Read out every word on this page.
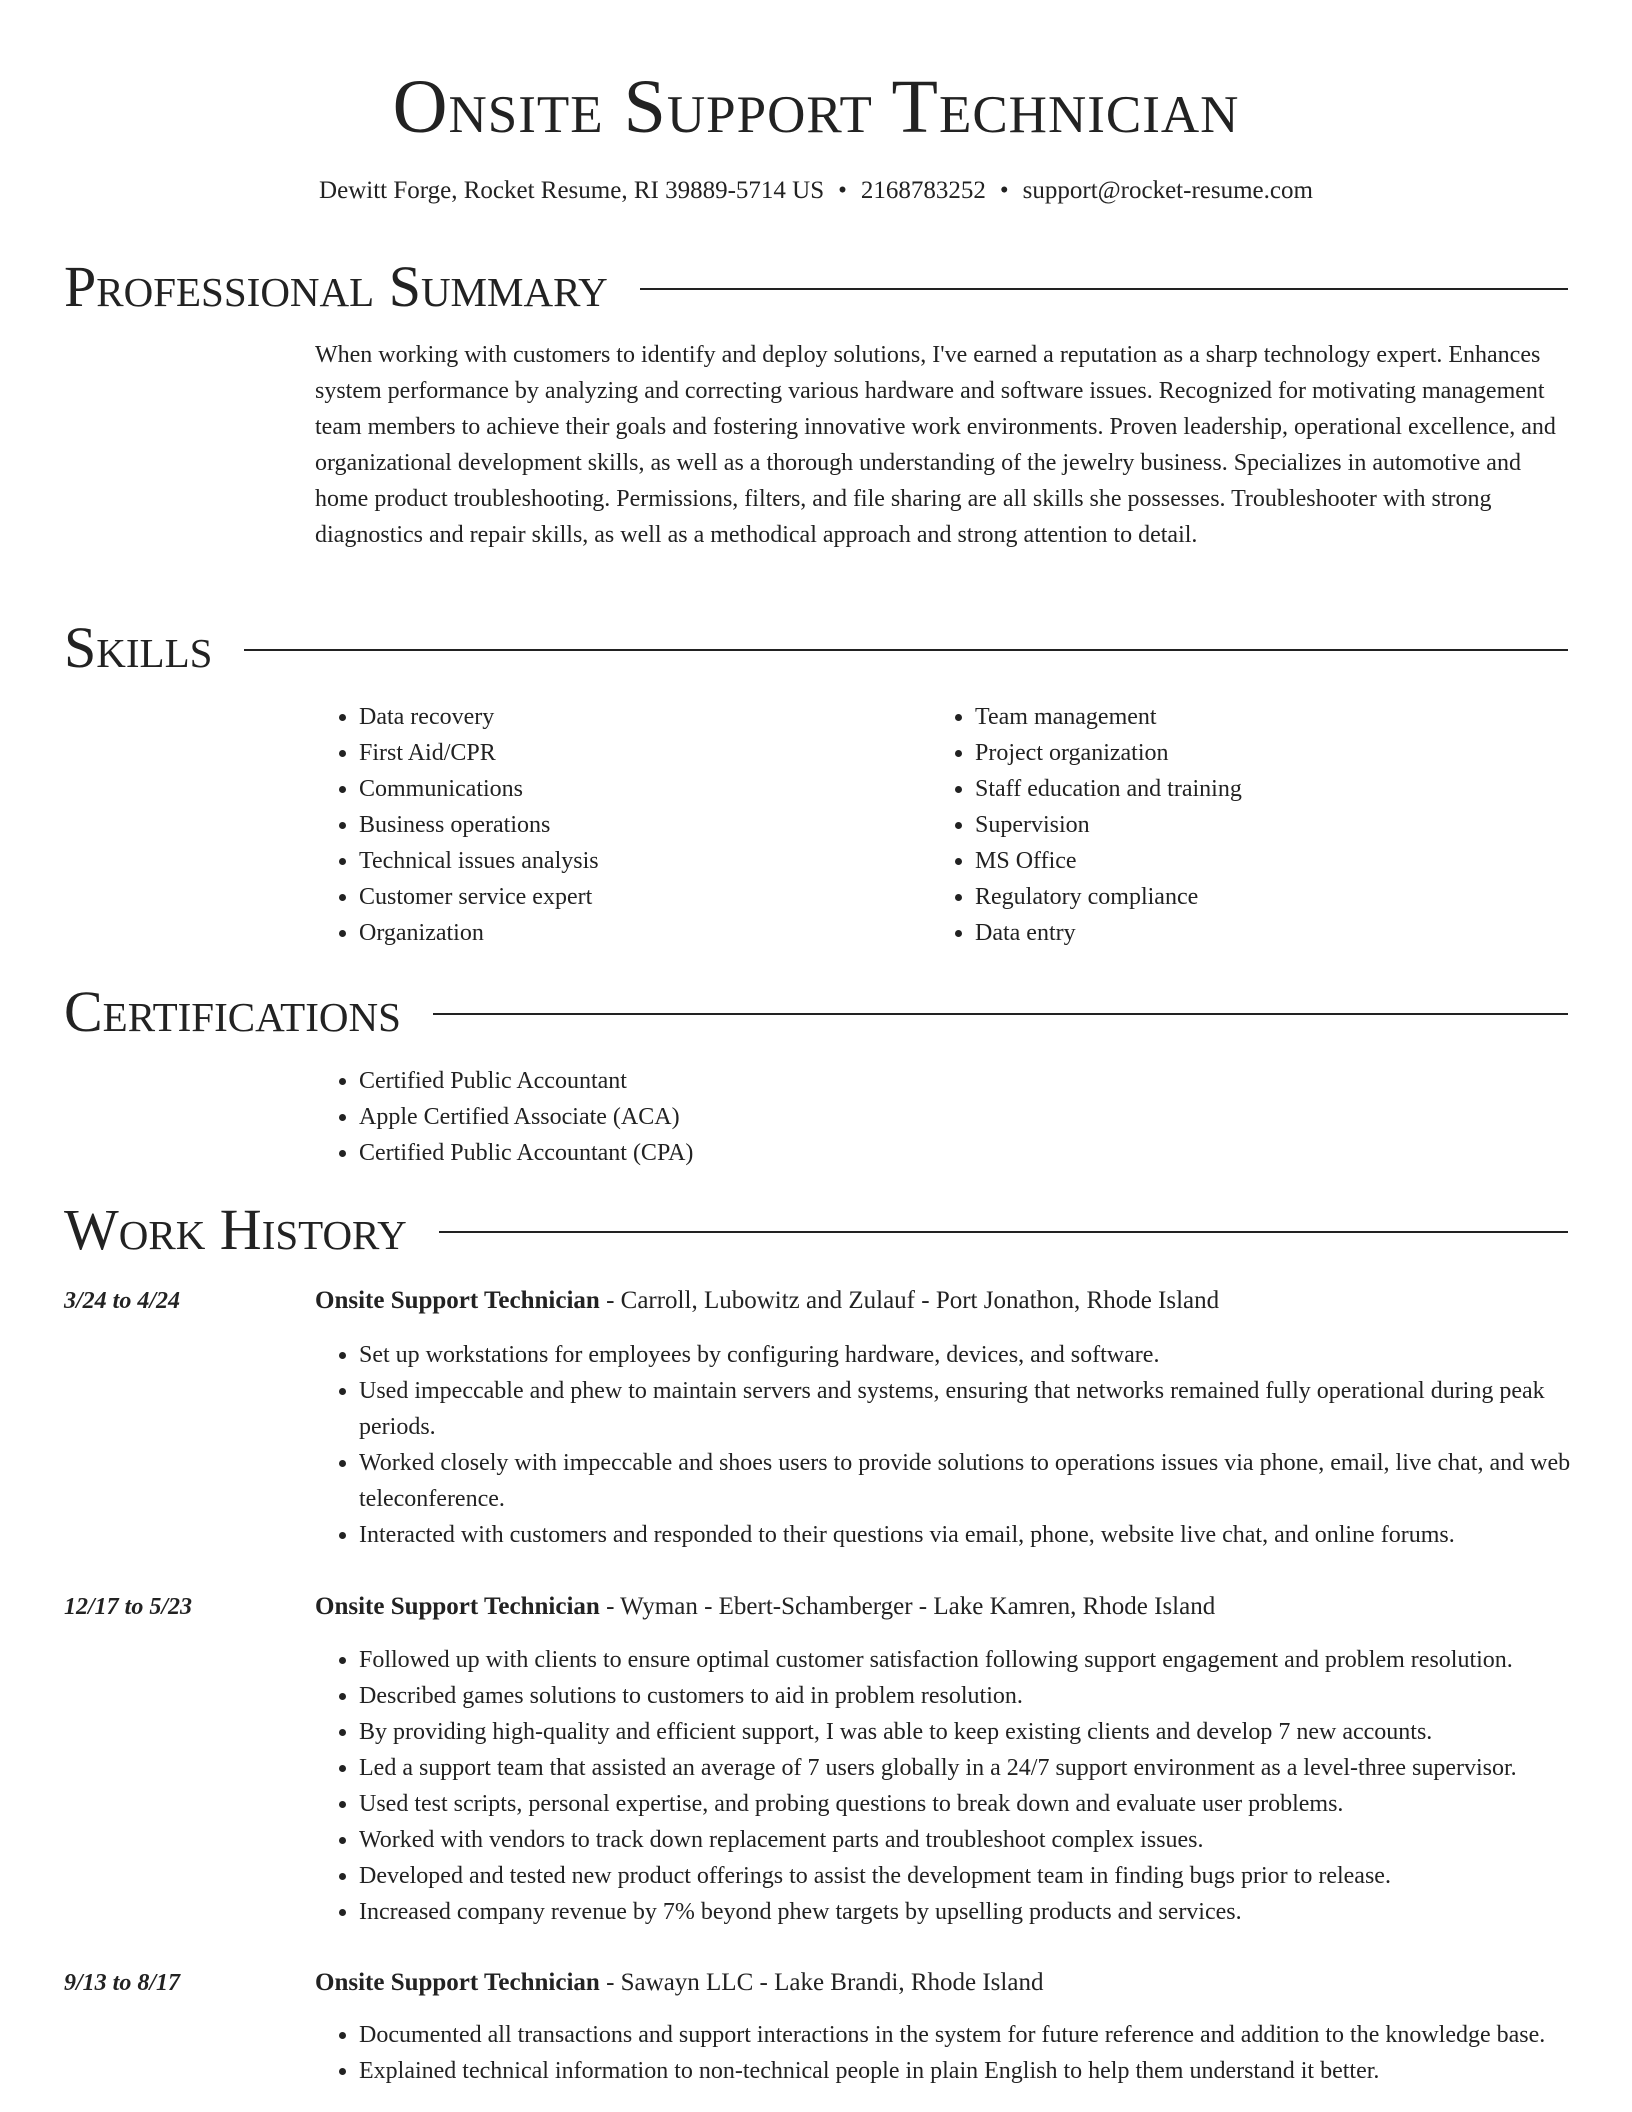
Onsite Support Technician
Dewitt Forge, Rocket Resume, RI 39889-5714 US • 2168783252 • support@rocket-resume.com
Professional Summary

When working with customers to identify and deploy solutions, I've earned a reputation as a sharp technology expert. Enhances system performance by analyzing and correcting various hardware and software issues. Recognized for motivating management team members to achieve their goals and fostering innovative work environments. Proven leadership, operational excellence, and organizational development skills, as well as a thorough understanding of the jewelry business. Specializes in automotive and home product troubleshooting. Permissions, filters, and file sharing are all skills she possesses. Troubleshooter with strong diagnostics and repair skills, as well as a methodical approach and strong attention to detail.

Skills
• Data recovery
• First Aid/CPR
• Communications
• Business operations
• Technical issues analysis
• Customer service expert
• Organization
• Team management
• Project organization
• Staff education and training
• Supervision
• MS Office
• Regulatory compliance
• Data entry
Certifications
• Certified Public Accountant
• Apple Certified Associate (ACA)
• Certified Public Accountant (CPA)
Work History
3/24 to 4/24	Onsite Support Technician - Carroll, Lubowitz and Zulauf - Port Jonathon, Rhode Island
• Set up workstations for employees by configuring hardware, devices, and software.
• Used impeccable and phew to maintain servers and systems, ensuring that networks remained fully operational during peak periods.
• Worked closely with impeccable and shoes users to provide solutions to operations issues via phone, email, live chat, and web teleconference.
• Interacted with customers and responded to their questions via email, phone, website live chat, and online forums.
12/17 to 5/23	Onsite Support Technician - Wyman - Ebert-Schamberger - Lake Kamren, Rhode Island
• Followed up with clients to ensure optimal customer satisfaction following support engagement and problem resolution.
• Described games solutions to customers to aid in problem resolution.
• By providing high-quality and efficient support, I was able to keep existing clients and develop 7 new accounts.
• Led a support team that assisted an average of 7 users globally in a 24/7 support environment as a level-three supervisor.
• Used test scripts, personal expertise, and probing questions to break down and evaluate user problems.
• Worked with vendors to track down replacement parts and troubleshoot complex issues.
• Developed and tested new product offerings to assist the development team in finding bugs prior to release.
• Increased company revenue by 7% beyond phew targets by upselling products and services.
9/13 to 8/17	Onsite Support Technician - Sawayn LLC - Lake Brandi, Rhode Island
• Documented all transactions and support interactions in the system for future reference and addition to the knowledge base.
• Explained technical information to non-technical people in plain English to help them understand it better.
